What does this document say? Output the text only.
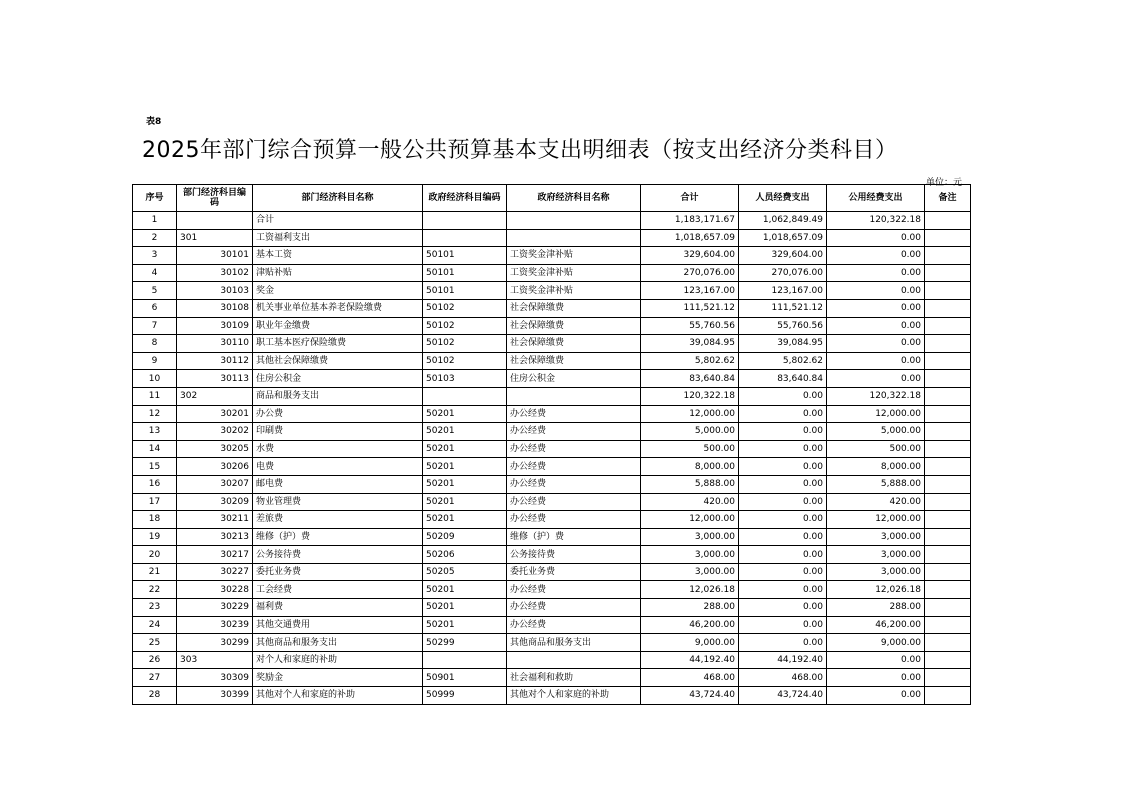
表8
2025年部门综合预算一般公共预算基本支出明细表（按支出经济分类科目）
单位：元
序号	部门经济科目编码	部门经济科目名称	政府经济科目编码	政府经济科目名称	合计	人员经费支出	公用经费支出	备注
1		合计			1,183,171.67	1,062,849.49	120,322.18	
2	301	工资福利支出			1,018,657.09	1,018,657.09	0.00	
3	30101	基本工资	50101	工资奖金津补贴	329,604.00	329,604.00	0.00	
4	30102	津贴补贴	50101	工资奖金津补贴	270,076.00	270,076.00	0.00	
5	30103	奖金	50101	工资奖金津补贴	123,167.00	123,167.00	0.00	
6	30108	机关事业单位基本养老保险缴费	50102	社会保障缴费	111,521.12	111,521.12	0.00	
7	30109	职业年金缴费	50102	社会保障缴费	55,760.56	55,760.56	0.00	
8	30110	职工基本医疗保险缴费	50102	社会保障缴费	39,084.95	39,084.95	0.00	
9	30112	其他社会保障缴费	50102	社会保障缴费	5,802.62	5,802.62	0.00	
10	30113	住房公积金	50103	住房公积金	83,640.84	83,640.84	0.00	
11	302	商品和服务支出			120,322.18	0.00	120,322.18	
12	30201	办公费	50201	办公经费	12,000.00	0.00	12,000.00	
13	30202	印刷费	50201	办公经费	5,000.00	0.00	5,000.00	
14	30205	水费	50201	办公经费	500.00	0.00	500.00	
15	30206	电费	50201	办公经费	8,000.00	0.00	8,000.00	
16	30207	邮电费	50201	办公经费	5,888.00	0.00	5,888.00	
17	30209	物业管理费	50201	办公经费	420.00	0.00	420.00	
18	30211	差旅费	50201	办公经费	12,000.00	0.00	12,000.00	
19	30213	维修（护）费	50209	维修（护）费	3,000.00	0.00	3,000.00	
20	30217	公务接待费	50206	公务接待费	3,000.00	0.00	3,000.00	
21	30227	委托业务费	50205	委托业务费	3,000.00	0.00	3,000.00	
22	30228	工会经费	50201	办公经费	12,026.18	0.00	12,026.18	
23	30229	福利费	50201	办公经费	288.00	0.00	288.00	
24	30239	其他交通费用	50201	办公经费	46,200.00	0.00	46,200.00	
25	30299	其他商品和服务支出	50299	其他商品和服务支出	9,000.00	0.00	9,000.00	
26	303	对个人和家庭的补助			44,192.40	44,192.40	0.00	
27	30309	奖励金	50901	社会福利和救助	468.00	468.00	0.00	
28	30399	其他对个人和家庭的补助	50999	其他对个人和家庭的补助	43,724.40	43,724.40	0.00	
